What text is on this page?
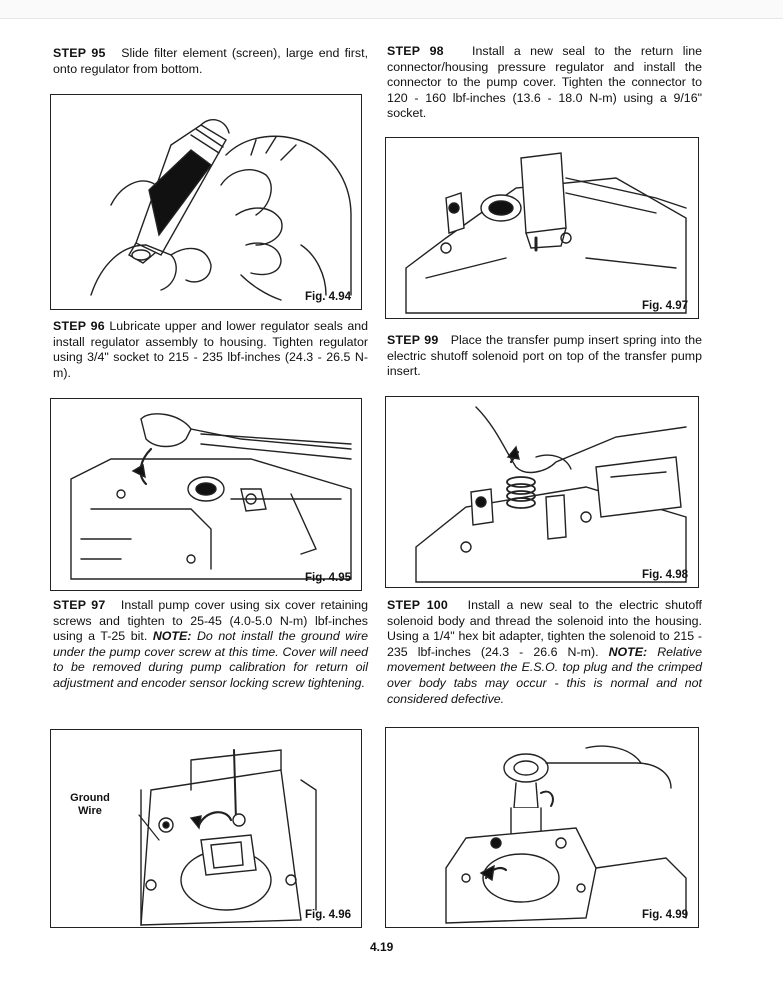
STEP 95 Slide filter element (screen), large end first, onto regulator from bottom.
Fig. 4.94
STEP 96 Lubricate upper and lower regulator seals and install regulator assembly to housing. Tighten regulator using 3/4" socket to 215 - 235 lbf-inches (24.3 - 26.5 N-m).
Fig. 4.95
STEP 97 Install pump cover using six cover retaining screws and tighten to 25-45 (4.0-5.0 N-m) lbf-inches using a T-25 bit. NOTE: Do not install the ground wire under the pump cover screw at this time. Cover will need to be removed during pump calibration for return oil adjustment and encoder sensor locking screw tightening.
Ground
Wire
Fig. 4.96
STEP 98 Install a new seal to the return line connector/housing pressure regulator and install the connector to the pump cover. Tighten the connector to 120 - 160 lbf-inches (13.6 - 18.0 N-m) using a 9/16" socket.
Fig. 4.97
STEP 99 Place the transfer pump insert spring into the electric shutoff solenoid port on top of the transfer pump insert.
Fig. 4.98
STEP 100 Install a new seal to the electric shutoff solenoid body and thread the solenoid into the housing. Using a 1/4" hex bit adapter, tighten the solenoid to 215 - 235 lbf-inches (24.3 - 26.6 N-m). NOTE: Relative movement between the E.S.O. top plug and the crimped over body tabs may occur - this is normal and not considered defective.
Fig. 4.99
4.19
